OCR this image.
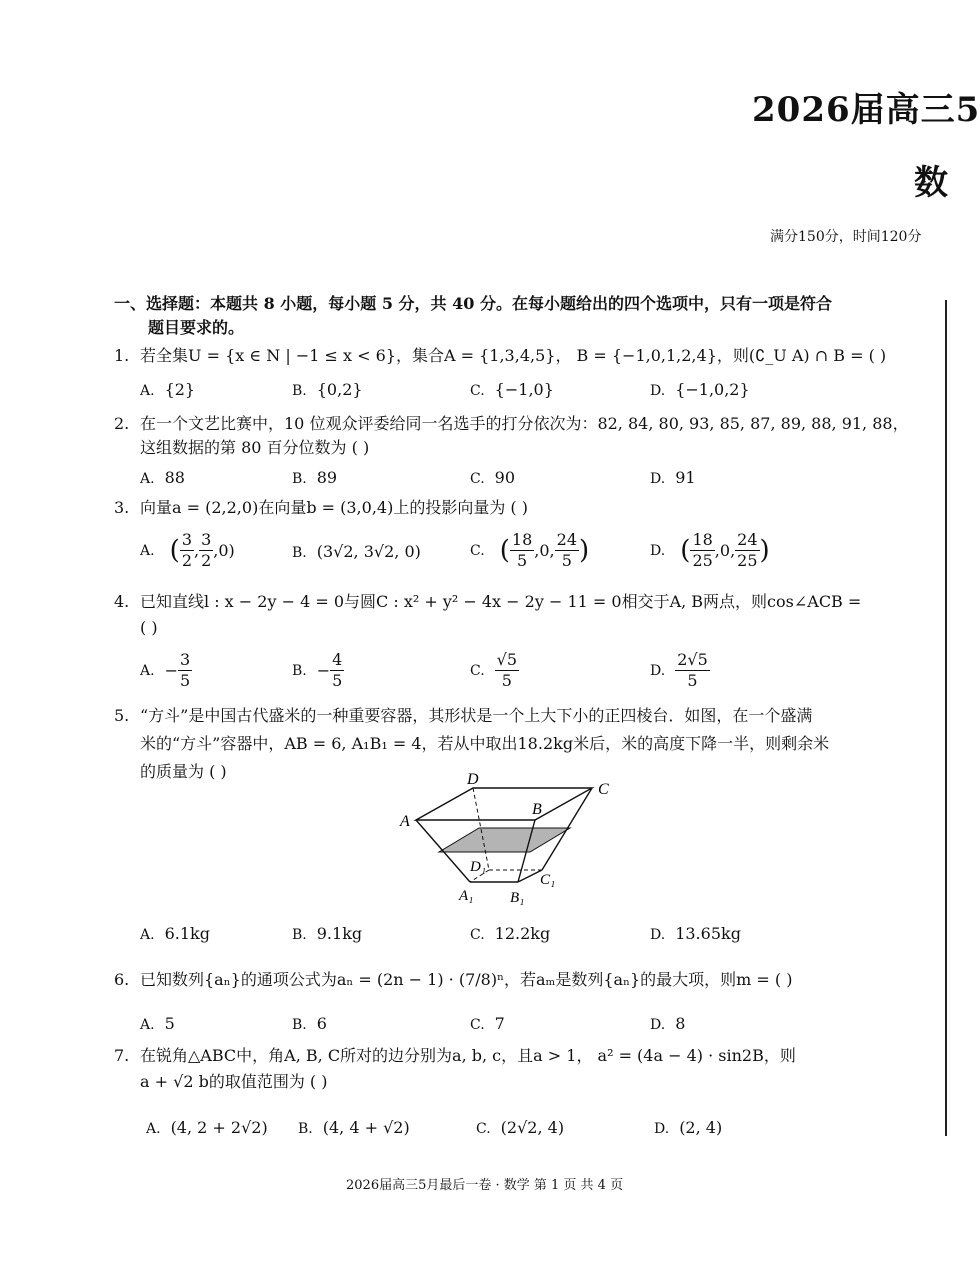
2026届高三5
数
满分150分，时间120分
一、选择题：本题共 8 小题，每小题 5 分，共 40 分。在每小题给出的四个选项中，只有一项是符合
题目要求的。
1. 若全集U = {x ∈ N | −1 ≤ x < 6}，集合A = {1,3,4,5}， B = {−1,0,1,2,4}，则(∁_U A) ∩ B = ( )
A. {2}	B. {0,2}	C. {−1,0}	D. {−1,0,2}
2. 在一个文艺比赛中，10 位观众评委给同一名选手的打分依次为：82, 84, 80, 93, 85, 87, 89, 88, 91, 88，
这组数据的第 80 百分位数为 ( )
A. 88	B. 89	C. 90	D. 91
3. 向量a = (2,2,0)在向量b = (3,0,4)上的投影向量为 ( )
A. ( $\frac{3}{2}$ , $\frac{3}{2} ,0$)	B. (3√2, 3√2, 0)	C. ( $\frac{18}{5} ,0$, $\frac{24}{5}$ )	D. ( $\frac{18}{25} ,0$, $\frac{24}{25}$ )
4. 已知直线l : x − 2y − 4 = 0与圆C : x² + y² − 4x − 2y − 11 = 0相交于A, B两点，则cos∠ACB =
( )
A. − $\frac{3}{5}$	B. − $\frac{4}{5}$	C. $\frac{√5}{5}$	D. $\frac{2√5}{5}$
5. “方斗”是中国古代盛米的一种重要容器，其形状是一个上大下小的正四棱台．如图，在一个盛满
米的“方斗”容器中，AB = 6, A₁B₁ = 4，若从中取出18.2kg米后，米的高度下降一半，则剩余米
的质量为 ( )	D
C
A
B
D₁
C₁
A₁ B₁
A. 6.1kg	B. 9.1kg	C. 12.2kg	D. 13.65kg
6. 已知数列{aₙ}的通项公式为aₙ = (2n − 1) · (7/8)ⁿ，若aₘ是数列{aₙ}的最大项，则m = ( )
A. 5	B. 6	C. 7	D. 8
7. 在锐角△ABC中，角A, B, C所对的边分别为a, b, c，且a > 1， a² = (4a − 4) · sin2B，则
a + √2 b的取值范围为 ( )
A. (4, 2 + 2√2) B. (4, 4 + √2)	C. (2√2, 4)	D. (2, 4)
2026届高三5月最后一卷 · 数学 第 1 页 共 4 页
